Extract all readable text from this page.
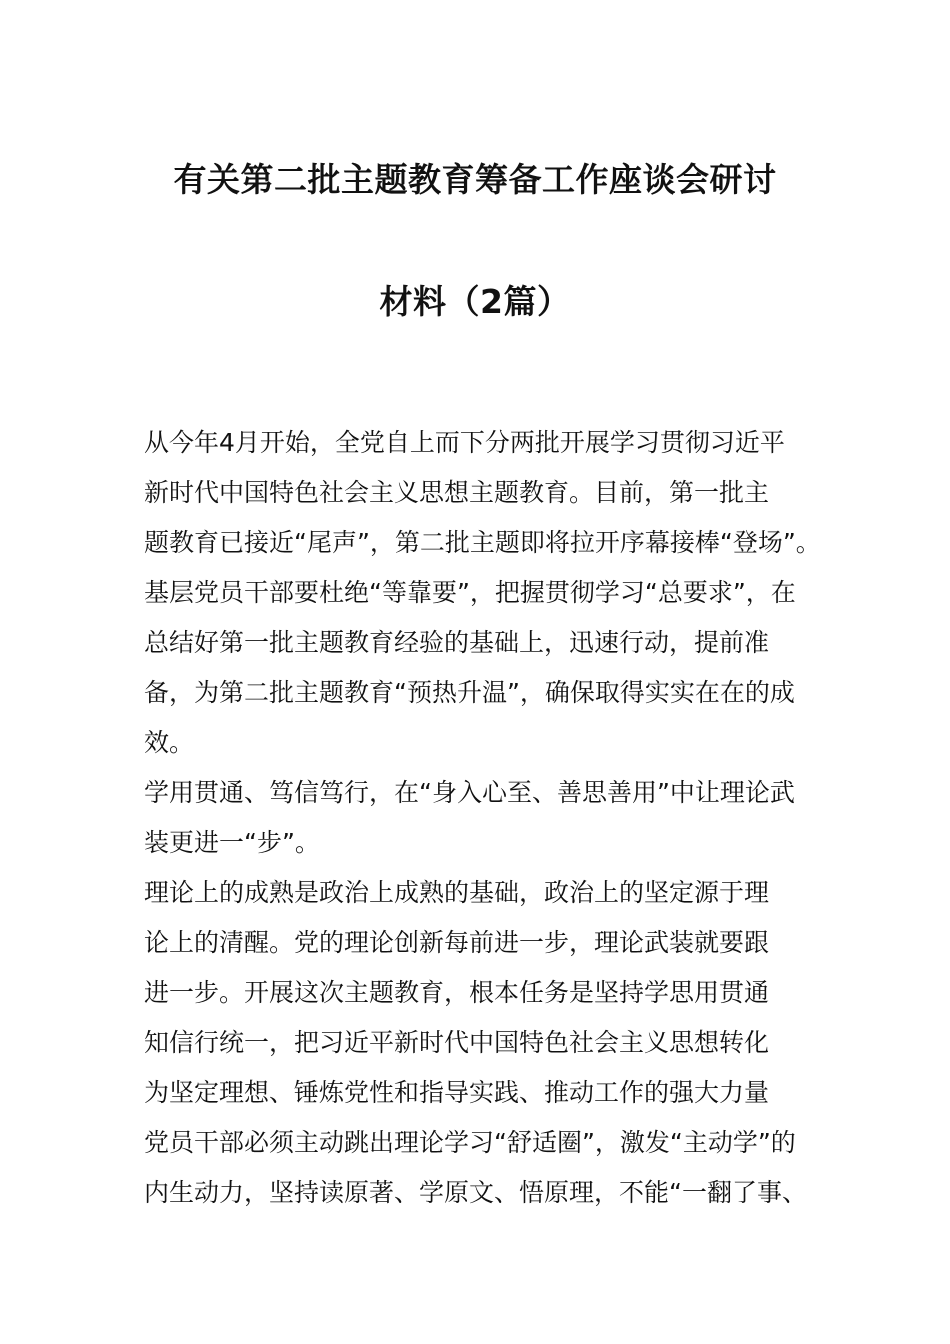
有关第二批主题教育筹备工作座谈会研讨
材料（2篇）
从今年4月开始，全党自上而下分两批开展学习贯彻习近平
新时代中国特色社会主义思想主题教育。目前，第一批主
题教育已接近“尾声”，第二批主题即将拉开序幕接棒“登场”。
基层党员干部要杜绝“等靠要”，把握贯彻学习“总要求”，在
总结好第一批主题教育经验的基础上，迅速行动，提前准
备，为第二批主题教育“预热升温”，确保取得实实在在的成
效。
学用贯通、笃信笃行，在“身入心至、善思善用”中让理论武
装更进一“步”。
理论上的成熟是政治上成熟的基础，政治上的坚定源于理
论上的清醒。党的理论创新每前进一步，理论武装就要跟
进一步。开展这次主题教育，根本任务是坚持学思用贯通
知信行统一，把习近平新时代中国特色社会主义思想转化
为坚定理想、锤炼党性和指导实践、推动工作的强大力量
党员干部必须主动跳出理论学习“舒适圈”，激发“主动学”的
内生动力，坚持读原著、学原文、悟原理，不能“一翻了事、
